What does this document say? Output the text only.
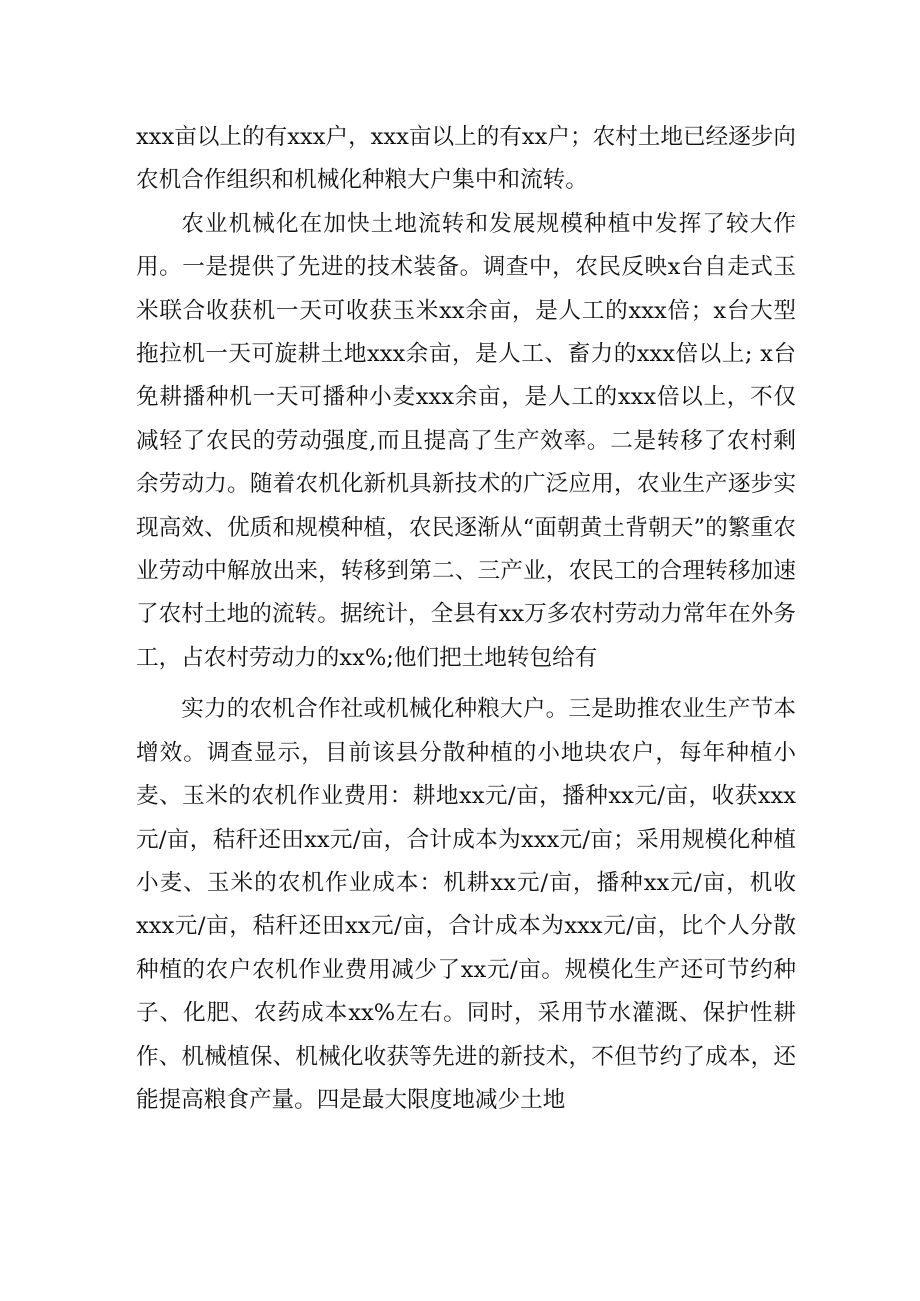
xxx亩以上的有xxx户，xxx亩以上的有xx户；农村土地已经逐步向农机合作组织和机械化种粮大户集中和流转。

农业机械化在加快土地流转和发展规模种植中发挥了较大作用。一是提供了先进的技术装备。调查中，农民反映x台自走式玉米联合收获机一天可收获玉米xx余亩，是人工的xxx倍；x台大型拖拉机一天可旋耕土地xxx余亩，是人工、畜力的xxx倍以上; x台免耕播种机一天可播种小麦xxx余亩，是人工的xxx倍以上，不仅减轻了农民的劳动强度,而且提高了生产效率。二是转移了农村剩余劳动力。随着农机化新机具新技术的广泛应用，农业生产逐步实现高效、优质和规模种植，农民逐渐从“面朝黄土背朝天”的繁重农业劳动中解放出来，转移到第二、三产业，农民工的合理转移加速了农村土地的流转。据统计，全县有xx万多农村劳动力常年在外务工，占农村劳动力的xx%;他们把土地转包给有

实力的农机合作社或机械化种粮大户。三是助推农业生产节本增效。调查显示，目前该县分散种植的小地块农户，每年种植小麦、玉米的农机作业费用：耕地xx元/亩，播种xx元/亩，收获xxx元/亩，秸秆还田xx元/亩，合计成本为xxx元/亩；采用规模化种植小麦、玉米的农机作业成本：机耕xx元/亩，播种xx元/亩，机收xxx元/亩，秸秆还田xx元/亩，合计成本为xxx元/亩，比个人分散种植的农户农机作业费用减少了xx元/亩。规模化生产还可节约种子、化肥、农药成本xx%左右。同时，采用节水灌溉、保护性耕作、机械植保、机械化收获等先进的新技术，不但节约了成本，还能提高粮食产量。四是最大限度地减少土地
